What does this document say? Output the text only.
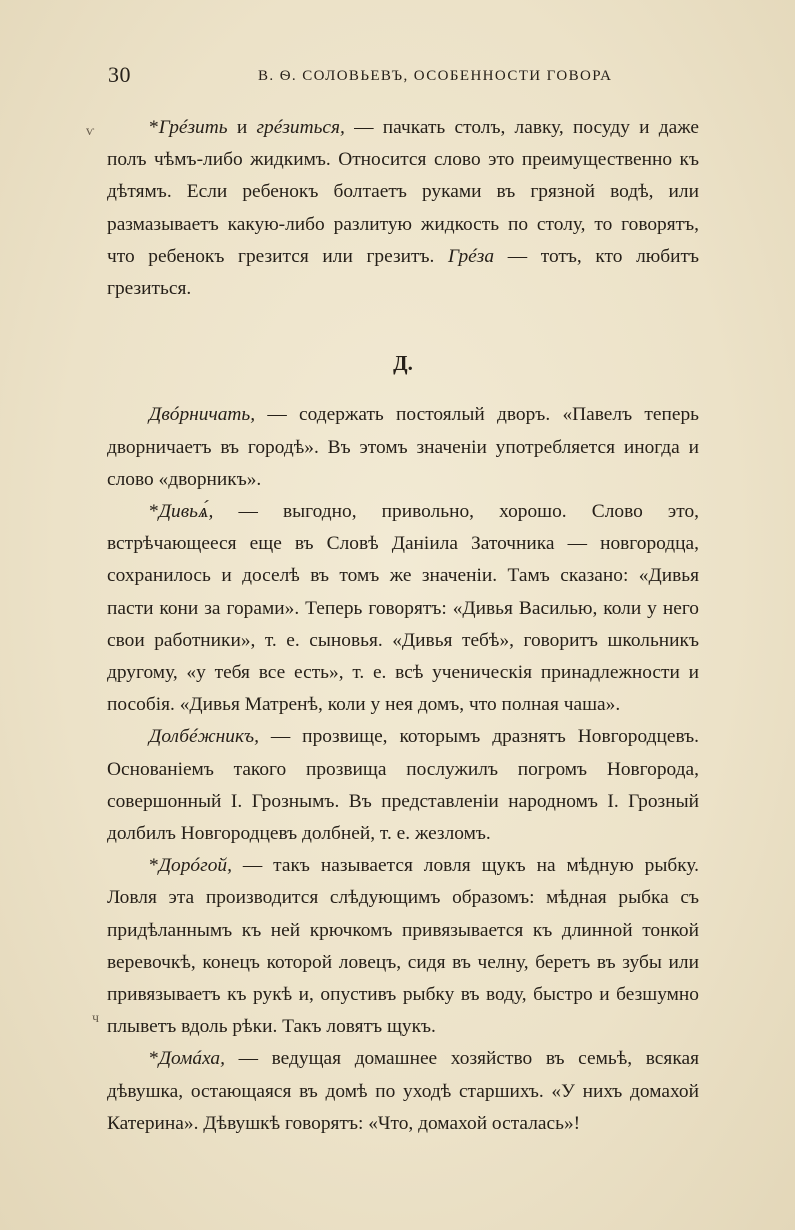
30	В. Ѳ. СОЛОВЬЕВЪ, ОСОБЕННОСТИ ГОВОРА
ѵ
ч

*Грéзить и грéзиться, — пачкать столъ, лавку, посуду и даже полъ чѣмъ-либо жидкимъ. Относится слово это преимущественно къ дѣтямъ. Если ребенокъ болтаетъ руками въ грязной водѣ, или размазываетъ какую-либо разлитую жидкость по столу, то говорятъ, что ребенокъ грезится или грезитъ. Грéза — тотъ, кто любитъ грезиться.

Д.

Двóрничать, — содержать постоялый дворъ. «Павелъ теперь дворничаетъ въ городѣ». Въ этомъ значеніи употребляется иногда и слово «дворникъ».

*Дивьѧ́, — выгодно, привольно, хорошо. Слово это, встрѣчающееся еще въ Словѣ Даніила Заточника — новгородца, сохранилось и доселѣ въ томъ же значеніи. Тамъ сказано: «Дивья пасти кони за горами». Теперь говорятъ: «Дивья Василью, коли у него свои работники», т. е. сыновья. «Дивья тебѣ», говоритъ школьникъ другому, «у тебя все есть», т. е. всѣ ученическія принадлежности и пособія. «Дивья Матренѣ, коли у нея домъ, что полная чаша».

Долбéжникъ, — прозвище, которымъ дразнятъ Новгородцевъ. Основаніемъ такого прозвища послужилъ погромъ Новгорода, совершонный І. Грознымъ. Въ представленіи народномъ І. Грозный долбилъ Новгородцевъ долбней, т. е. жезломъ.

*Дорóгой, — такъ называется ловля щукъ на мѣдную рыбку. Ловля эта производится слѣдующимъ образомъ: мѣдная рыбка съ придѣланнымъ къ ней крючкомъ привязывается къ длинной тонкой веревочкѣ, конецъ которой ловецъ, сидя въ челну, беретъ въ зубы или привязываетъ къ рукѣ и, опустивъ рыбку въ воду, быстро и безшумно плыветъ вдоль рѣки. Такъ ловятъ щукъ.

*Домáха, — ведущая домашнее хозяйство въ семьѣ, всякая дѣвушка, остающаяся въ домѣ по уходѣ старшихъ. «У нихъ домахой Катерина». Дѣвушкѣ говорятъ: «Что, домахой осталась»!
